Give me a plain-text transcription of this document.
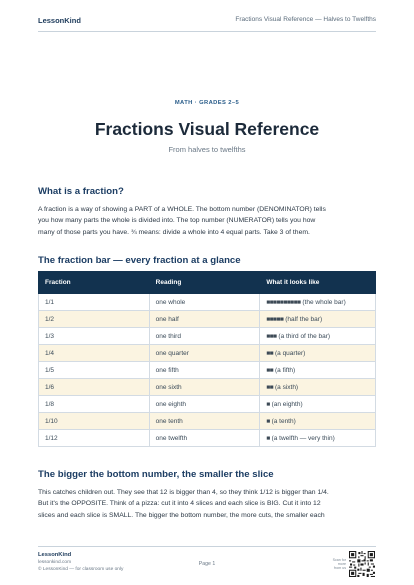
LessonKind	Fractions Visual Reference — Halves to Twelfths
MATH · GRADES 2–5
Fractions Visual Reference
From halves to twelfths
What is a fraction?
A fraction is a way of showing a PART of a WHOLE. The bottom number (DENOMINATOR) tells
you how many parts the whole is divided into. The top number (NUMERATOR) tells you how
many of those parts you have. ¾ means: divide a whole into 4 equal parts. Take 3 of them.
The fraction bar — every fraction at a glance
Fraction	Reading	What it looks like
1/1	one whole	■■■■■■■■■■ (the whole bar)
1/2	one half	■■■■■ (half the bar)
1/3	one third	■■■ (a third of the bar)
1/4	one quarter	■■ (a quarter)
1/5	one fifth	■■ (a fifth)
1/6	one sixth	■■ (a sixth)
1/8	one eighth	■ (an eighth)
1/10	one tenth	■ (a tenth)
1/12	one twelfth	■ (a twelfth — very thin)
The bigger the bottom number, the smaller the slice
This catches children out. They see that 12 is bigger than 4, so they think 1/12 is bigger than 1/4.
But it's the OPPOSITE. Think of a pizza: cut it into 4 slices and each slice is BIG. Cut it into 12
slices and each slice is SMALL. The bigger the bottom number, the more cuts, the smaller each
LessonKind
lessonkind.com
© LessonKind — for classroom use only
Page 1
Scan for
more from us
